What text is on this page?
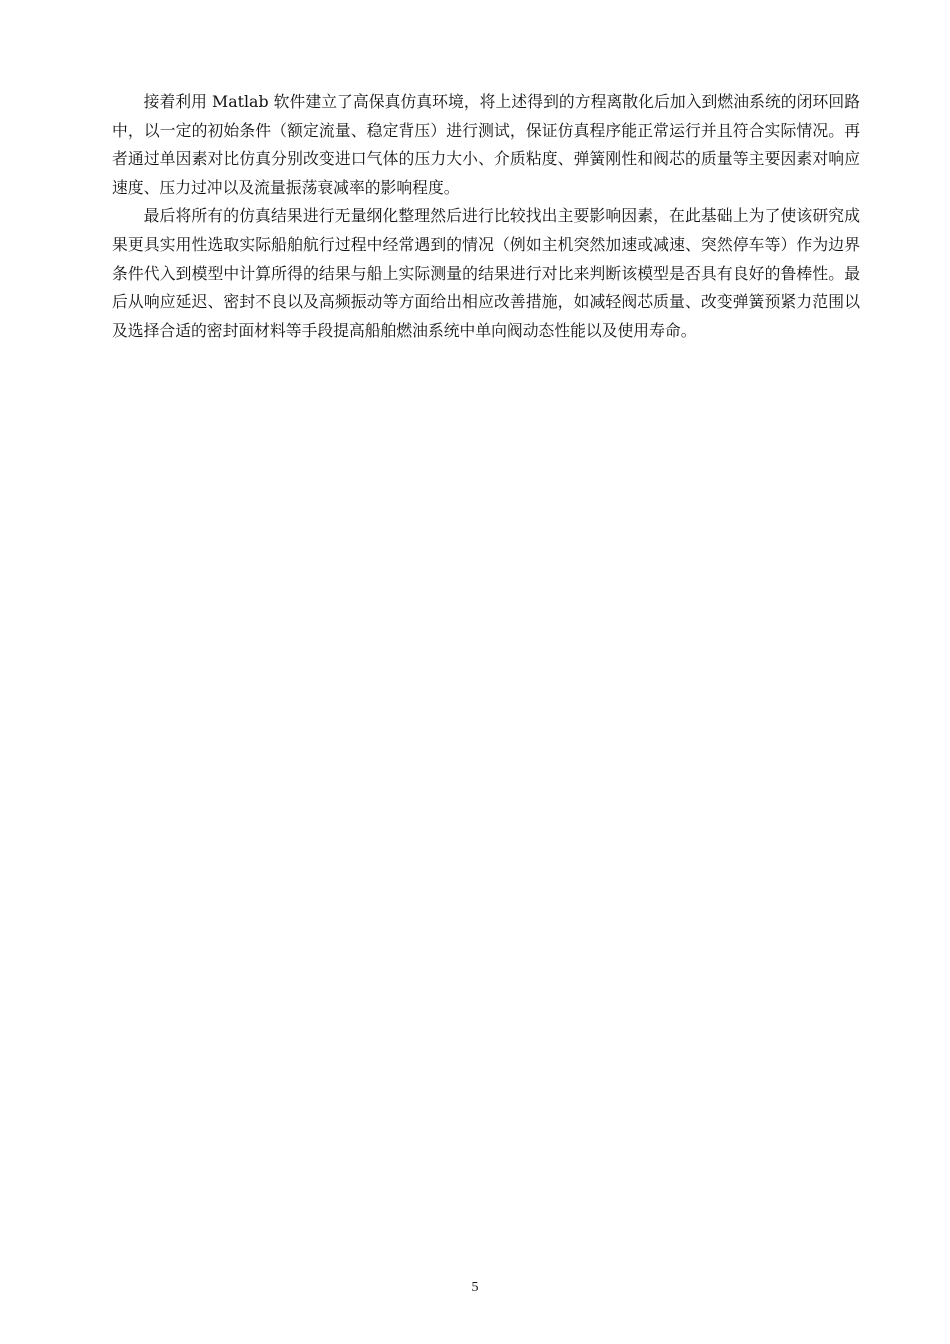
接着利用 Matlab 软件建立了高保真仿真环境，将上述得到的方程离散化后加入到燃油系统的闭环回路中，以一定的初始条件（额定流量、稳定背压）进行测试，保证仿真程序能正常运行并且符合实际情况。再者通过单因素对比仿真分别改变进口气体的压力大小、介质粘度、弹簧刚性和阀芯的质量等主要因素对响应速度、压力过冲以及流量振荡衰减率的影响程度。

最后将所有的仿真结果进行无量纲化整理然后进行比较找出主要影响因素，在此基础上为了使该研究成果更具实用性选取实际船舶航行过程中经常遇到的情况（例如主机突然加速或减速、突然停车等）作为边界条件代入到模型中计算所得的结果与船上实际测量的结果进行对比来判断该模型是否具有良好的鲁棒性。最后从响应延迟、密封不良以及高频振动等方面给出相应改善措施，如减轻阀芯质量、改变弹簧预紧力范围以及选择合适的密封面材料等手段提高船舶燃油系统中单向阀动态性能以及使用寿命。

5
